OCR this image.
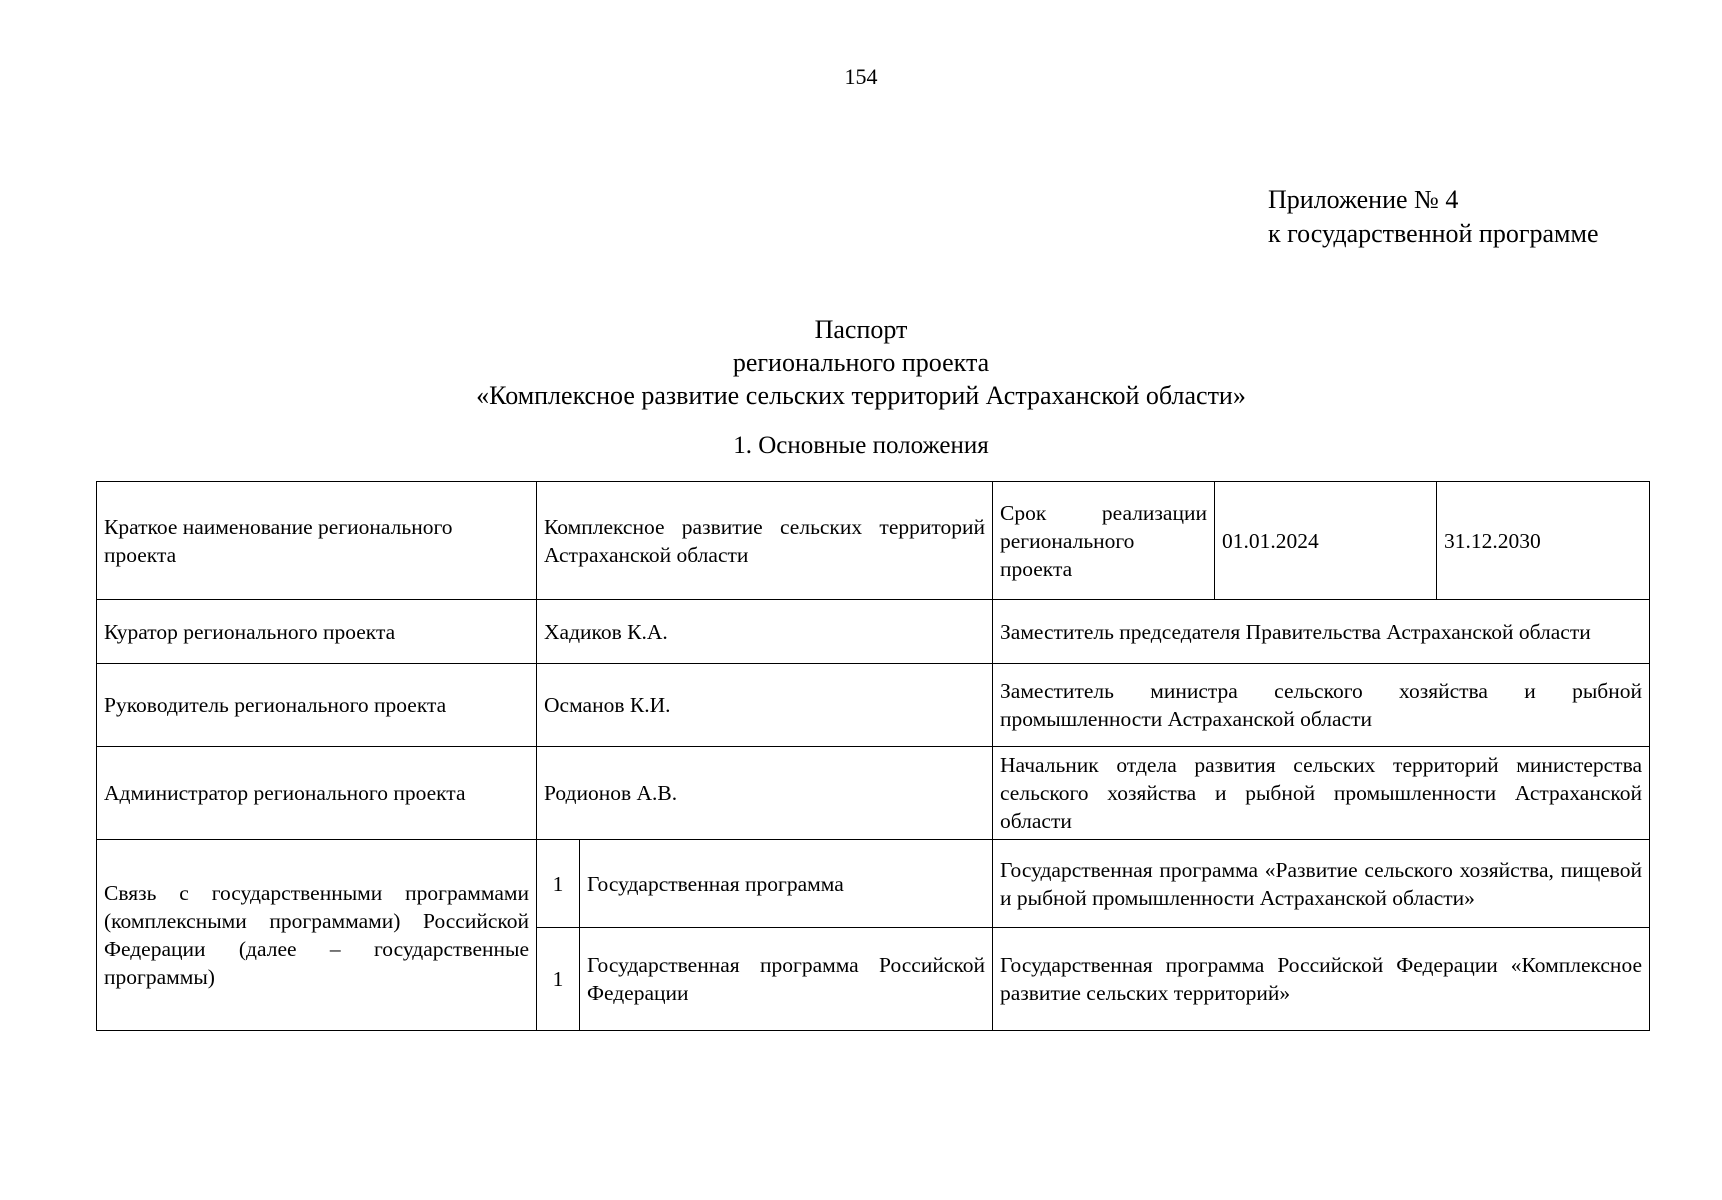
154
Приложение № 4
к государственной программе
Паспорт
регионального проекта
«Комплексное развитие сельских территорий Астраханской области»
1. Основные положения
Краткое наименование регионального проекта	Комплексное развитие сельских территорий Астраханской области		Срок реализации регионального проекта	01.01.2024	31.12.2030
Куратор регионального проекта	Хадиков К.А.		Заместитель председателя Правительства Астраханской области		
Руководитель регионального проекта	Османов К.И.		Заместитель министра сельского хозяйства и рыбной промышленности Астраханской области		
Администратор регионального проекта	Родионов А.В.		Начальник отдела развития сельских территорий министерства сельского хозяйства и рыбной промышленности Астраханской области		
Связь с государственными программами (комплексными программами) Российской Федерации (далее – государственные программы)	1	Государственная программа	Государственная программа «Развитие сельского хозяйства, пищевой и рыбной промышленности Астраханской области»		
	1	Государственная программа Российской Федерации	Государственная программа Российской Федерации «Комплексное развитие сельских территорий»		
